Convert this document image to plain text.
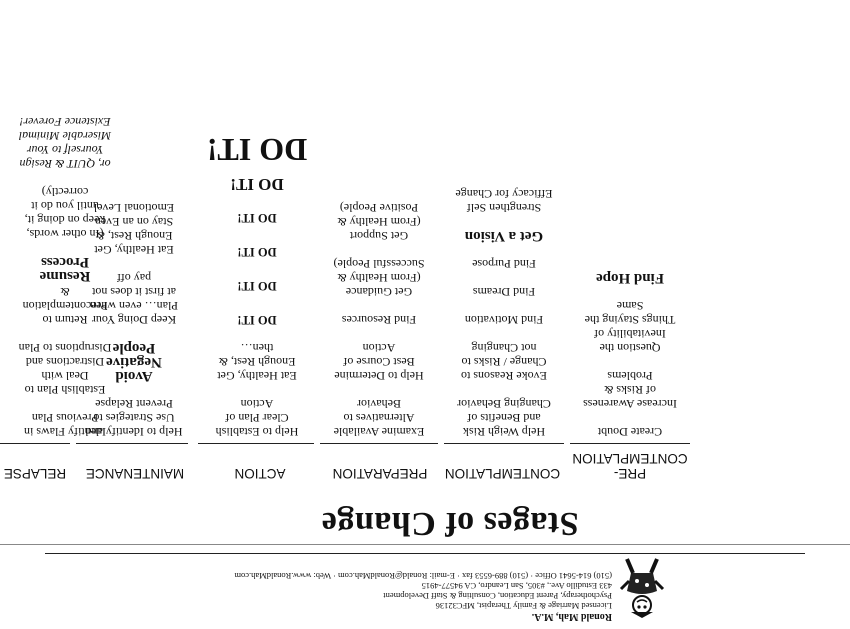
Ronald Mah, M.A.
Licensed Marriage & Family Therapist, MFC32136
Psychotherapy, Parent Education, Consulting & Staff Development
433 Estudillo Ave., #305, San Leandro, CA 94577-4915
(510) 614-5641 Office · (510) 889-6553 fax · E-mail: Ronald@RonaldMah.com · Web: www.RonaldMah.com
Stages of Change
PRE-
CONTEMPLATION
CONTEMPLATION
PREPARATION
ACTION
MAINTENANCE
RELAPSE
Create Doubt
Increase Awareness
of Risks &
Problems
Question the
Inevitability of
Things Staying the
Same
Find Hope
Help Weigh Risk
and Benefits of
Changing Behavior
Evoke Reasons to
Change / Risks to
not Changing
Find Motivation
Find Dreams
Find Purpose
Get a Vision
Strengthen Self
Efficacy for Change
Examine Available
Alternatives to
Behavior
Help to Determine
Best Course of
Action
Find Resources
Get Guidance
(From Healthy &
Successful People)
Get Support
(From Healthy &
Positive People)
Help to Establish
Clear Plan of
Action
Eat Healthy, Get
Enough Rest, &
then…
DO IT!
DO IT!
DO IT!
DO IT!
DO IT!
DO IT!
Help to Identify and
Use Strategies to
Prevent Relapse
Avoid
Negative
People
Keep Doing Your
Plan… even when
at first it does not
pay off
Eat Healthy, Get
Enough Rest, &
Stay on an Even
Emotional Level
Identify Flaws in
Previous Plan
Establish Plan to
Deal with
Distractions and
Disruptions to Plan
Return to
Precontemplation
&
Resume
Process
(In other words,
keep on doing it,
until you do it
correctly)
or, QUIT & Resign
Yourself to Your
Miserable Minimal
Existence Forever!
